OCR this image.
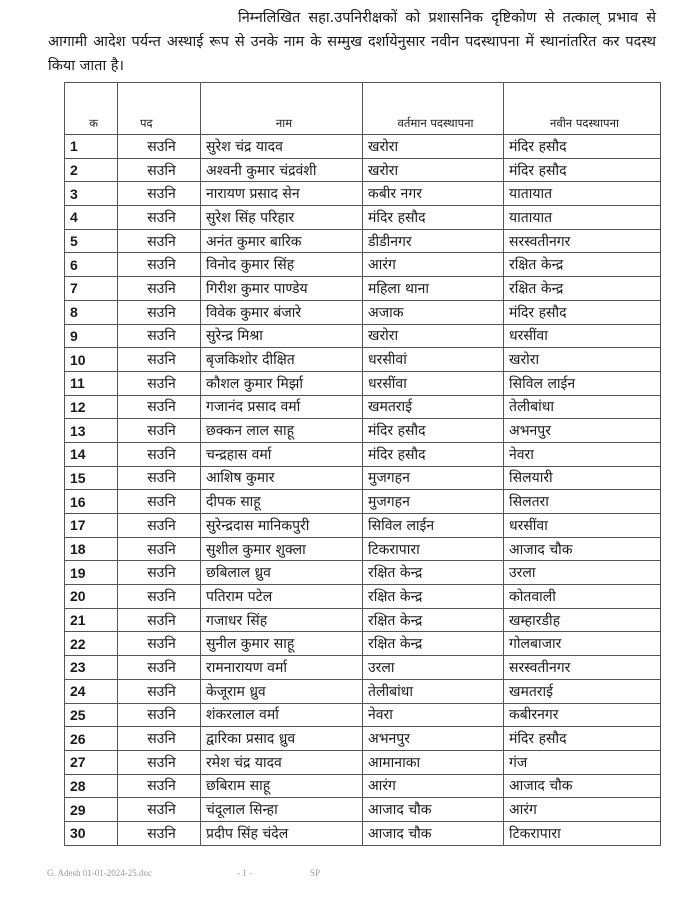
निम्नलिखित सहा.उपनिरीक्षकों को प्रशासनिक दृष्टिकोण से तत्काल् प्रभाव से आगामी आदेश पर्यन्त अस्थाई रूप से उनके नाम के सम्मुख दर्शायेनुसार नवीन पदस्थापना में स्थानांतरित कर पदस्थ किया जाता है।
क	पद	नाम	वर्तमान पदस्थापना	नवीन पदस्थापना
1	सउनि	सुरेश चंद्र यादव	खरोरा	मंदिर हसौद
2	सउनि	अश्वनी कुमार चंद्रवंशी	खरोरा	मंदिर हसौद
3	सउनि	नारायण प्रसाद सेन	कबीर नगर	यातायात
4	सउनि	सुरेश सिंह परिहार	मंदिर हसौद	यातायात
5	सउनि	अनंत कुमार बारिक	डीडीनगर	सरस्वतीनगर
6	सउनि	विनोद कुमार सिंह	आरंग	रक्षित केन्द्र
7	सउनि	गिरीश कुमार पाण्डेय	महिला थाना	रक्षित केन्द्र
8	सउनि	विवेक कुमार बंजारे	अजाक	मंदिर हसौद
9	सउनि	सुरेन्द्र मिश्रा	खरोरा	धरसींवा
10	सउनि	बृजकिशोर दीक्षित	धरसीवां	खरोरा
11	सउनि	कौशल कुमार मिर्झा	धरसींवा	सिविल लाईन
12	सउनि	गजानंद प्रसाद वर्मा	खमतराई	तेलीबांधा
13	सउनि	छक्कन लाल साहू	मंदिर हसौद	अभनपुर
14	सउनि	चन्द्रहास वर्मा	मंदिर हसौद	नेवरा
15	सउनि	आशिष कुमार	मुजगहन	सिलयारी
16	सउनि	दीपक साहू	मुजगहन	सिलतरा
17	सउनि	सुरेन्द्रदास मानिकपुरी	सिविल लाईन	धरसींवा
18	सउनि	सुशील कुमार शुक्ला	टिकरापारा	आजाद चौक
19	सउनि	छबिलाल ध्रुव	रक्षित केन्द्र	उरला
20	सउनि	पतिराम पटेल	रक्षित केन्द्र	कोतवाली
21	सउनि	गजाधर सिंह	रक्षित केन्द्र	खम्हारडीह
22	सउनि	सुनील कुमार साहू	रक्षित केन्द्र	गोलबाजार
23	सउनि	रामनारायण वर्मा	उरला	सरस्वतीनगर
24	सउनि	केजूराम ध्रुव	तेलीबांधा	खमतराई
25	सउनि	शंकरलाल वर्मा	नेवरा	कबीरनगर
26	सउनि	द्वारिका प्रसाद ध्रुव	अभनपुर	मंदिर हसौद
27	सउनि	रमेश चंद्र यादव	आमानाका	गंज
28	सउनि	छबिराम साहू	आरंग	आजाद चौक
29	सउनि	चंदूलाल सिन्हा	आजाद चौक	आरंग
30	सउनि	प्रदीप सिंह चंदेल	आजाद चौक	टिकरापारा
G. Adesh 01-01-2024-25.doc	- 1 -	SP
